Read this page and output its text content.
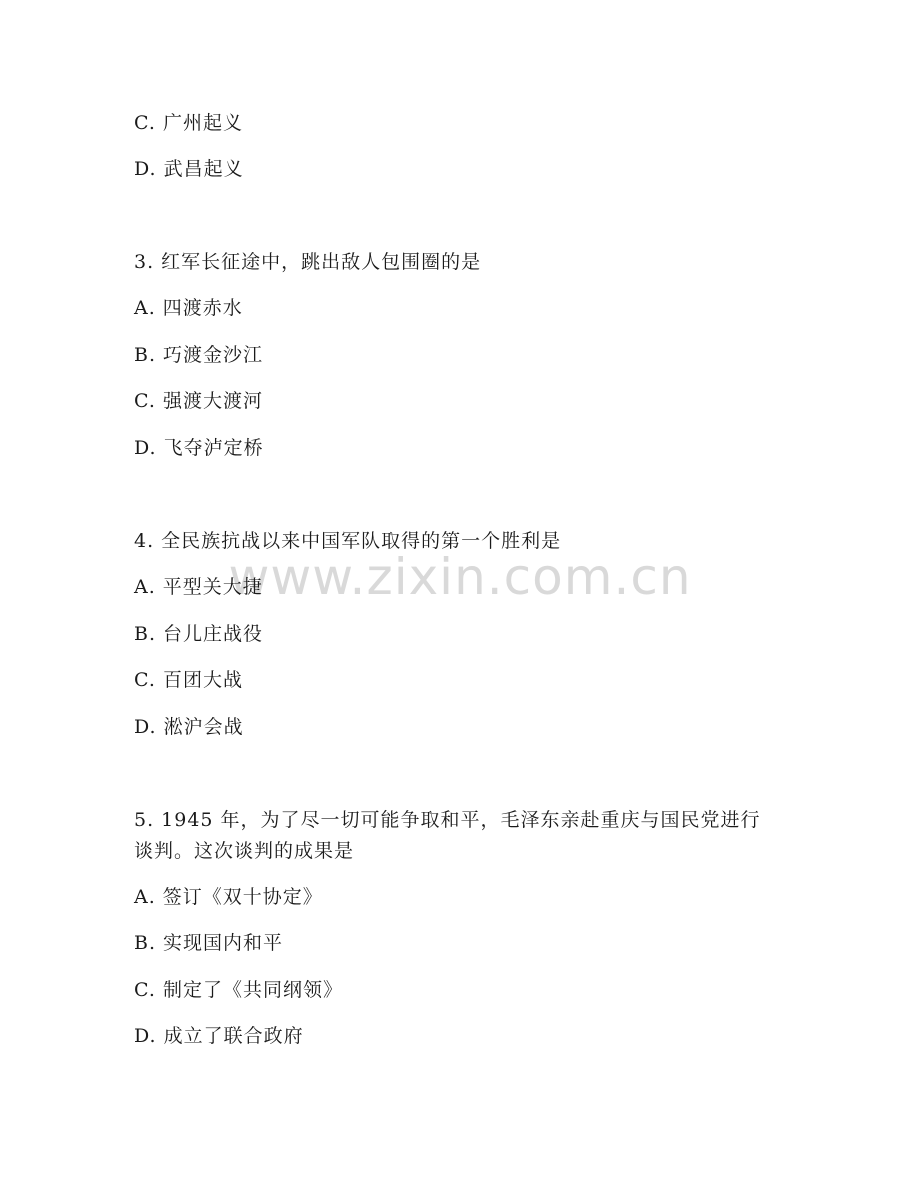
www.zixin.com.cn
C. 广州起义
D. 武昌起义
3. 红军长征途中，跳出敌人包围圈的是
A. 四渡赤水
B. 巧渡金沙江
C. 强渡大渡河
D. 飞夺泸定桥
4. 全民族抗战以来中国军队取得的第一个胜利是
A. 平型关大捷
B. 台儿庄战役
C. 百团大战
D. 淞沪会战
5. 1945 年，为了尽一切可能争取和平，毛泽东亲赴重庆与国民党进行
谈判。这次谈判的成果是
A. 签订《双十协定》
B. 实现国内和平
C. 制定了《共同纲领》
D. 成立了联合政府
